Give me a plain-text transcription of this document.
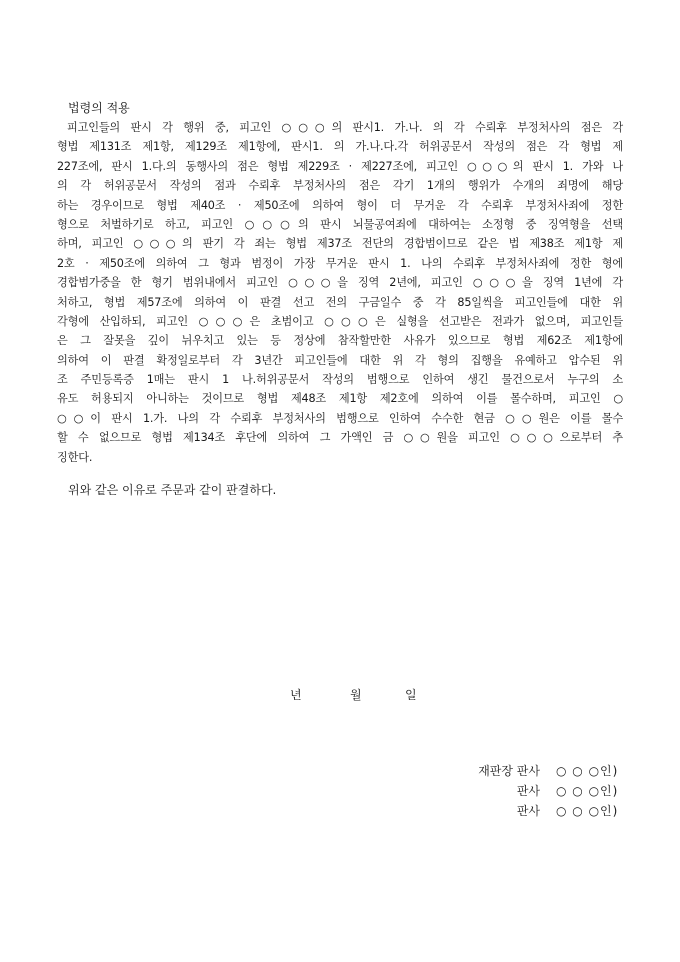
법령의 적용
피고인들의 판시 각 행위 중, 피고인 ○○○의 판시1. 가.나. 의 각 수뢰후 부정처사의 점은 각
형법 제131조 제1항, 제129조 제1항에, 판시1. 의 가.나.다.각 허위공문서 작성의 점은 각 형법 제
227조에, 판시 1.다.의 동행사의 점은 형법 제229조 · 제227조에, 피고인 ○○○의 판시 1. 가와 나
의 각 허위공문서 작성의 점과 수뢰후 부정처사의 점은 각기 1개의 행위가 수개의 죄명에 해당
하는 경우이므로 형법 제40조 · 제50조에 의하여 형이 더 무거운 각 수뢰후 부정처사죄에 정한
형으로 처벌하기로 하고, 피고인 ○○○의 판시 뇌물공여죄에 대하여는 소정형 중 징역형을 선택
하며, 피고인 ○○○의 판기 각 죄는 형법 제37조 전단의 경합범이므로 같은 법 제38조 제1항 제
2호 · 제50조에 의하여 그 형과 범정이 가장 무거운 판시 1. 나의 수뢰후 부정처사죄에 정한 형에
경합범가중을 한 형기 범위내에서 피고인 ○○○을 징역 2년에, 피고인 ○○○을 징역 1년에 각
처하고, 형법 제57조에 의하여 이 판결 선고 전의 구금일수 중 각 85일씩을 피고인들에 대한 위
각형에 산입하되, 피고인 ○○○은 초범이고 ○○○은 실형을 선고받은 전과가 없으며, 피고인들
은 그 잘못을 깊이 뉘우치고 있는 등 정상에 참작할만한 사유가 있으므로 형법 제62조 제1항에
의하여 이 판결 확정일로부터 각 3년간 피고인들에 대한 위 각 형의 집행을 유예하고 압수된 위
조 주민등록증 1매는 판시 1 나.허위공문서 작성의 범행으로 인하여 생긴 물건으로서 누구의 소
유도 허용되지 아니하는 것이므로 형법 제48조 제1항 제2호에 의하여 이를 몰수하며, 피고인 ○
○○이 판시 1.가. 나의 각 수뢰후 부정처사의 범행으로 인하여 수수한 현금 ○○원은 이를 몰수
할 수 없으므로 형법 제134조 후단에 의하여 그 가액인 금 ○○원을 피고인 ○○○으로부터 추
징한다.
위와 같은 이유로 주문과 같이 판결하다.
년	월	일
재판장 판사	○ ○ ○인)
판사	○ ○ ○인)
판사	○ ○ ○인)
